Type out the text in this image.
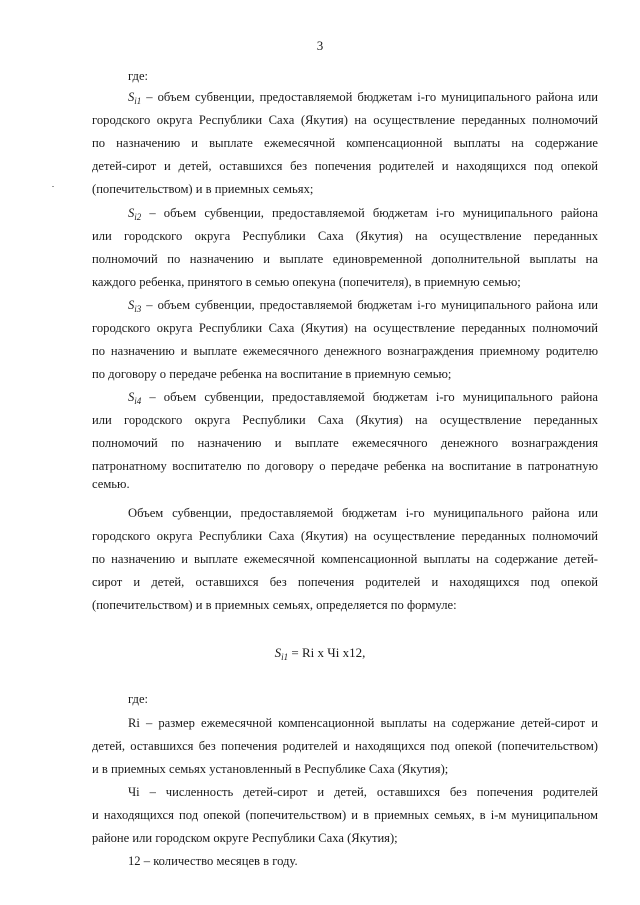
3
где:
$S_{i1}$ – объем субвенции, предоставляемой бюджетам i-го муниципального района или
городского округа Республики Саха (Якутия) на осуществление переданных полномочий
по назначению и выплате ежемесячной компенсационной выплаты на содержание
детей-сирот и детей, оставшихся без попечения родителей и находящихся под опекой
(попечительством) и в приемных семьях;
$S_{i2}$ – объем субвенции, предоставляемой бюджетам i-го муниципального района
или городского округа Республики Саха (Якутия) на осуществление переданных
полномочий по назначению и выплате единовременной дополнительной выплаты на
каждого ребенка, принятого в семью опекуна (попечителя), в приемную семью;
$S_{i3}$ – объем субвенции, предоставляемой бюджетам i-го муниципального района или
городского округа Республики Саха (Якутия) на осуществление переданных полномочий
по назначению и выплате ежемесячного денежного вознаграждения приемному родителю
по договору о передаче ребенка на воспитание в приемную семью;
$S_{i4}$ – объем субвенции, предоставляемой бюджетам i-го муниципального района
или городского округа Республики Саха (Якутия) на осуществление переданных
полномочий по назначению и выплате ежемесячного денежного вознаграждения
патронатному воспитателю по договору о передаче ребенка на воспитание в патронатную
семью.
Объем субвенции, предоставляемой бюджетам i-го муниципального района или
городского округа Республики Саха (Якутия) на осуществление переданных полномочий
по назначению и выплате ежемесячной компенсационной выплаты на содержание детей-
сирот и детей, оставшихся без попечения родителей и находящихся под опекой
(попечительством) и в приемных семьях, определяется по формуле:
$S_{i1} = Ri$ x Чi x12,
где:
Ri – размер ежемесячной компенсационной выплаты на содержание детей-сирот и
детей, оставшихся без попечения родителей и находящихся под опекой (попечительством)
и в приемных семьях установленный в Республике Саха (Якутия);
Чi – численность детей-сирот и детей, оставшихся без попечения родителей
и находящихся под опекой (попечительством) и в приемных семьях, в i-м муниципальном
районе или городском округе Республики Саха (Якутия);
12 – количество месяцев в году.
